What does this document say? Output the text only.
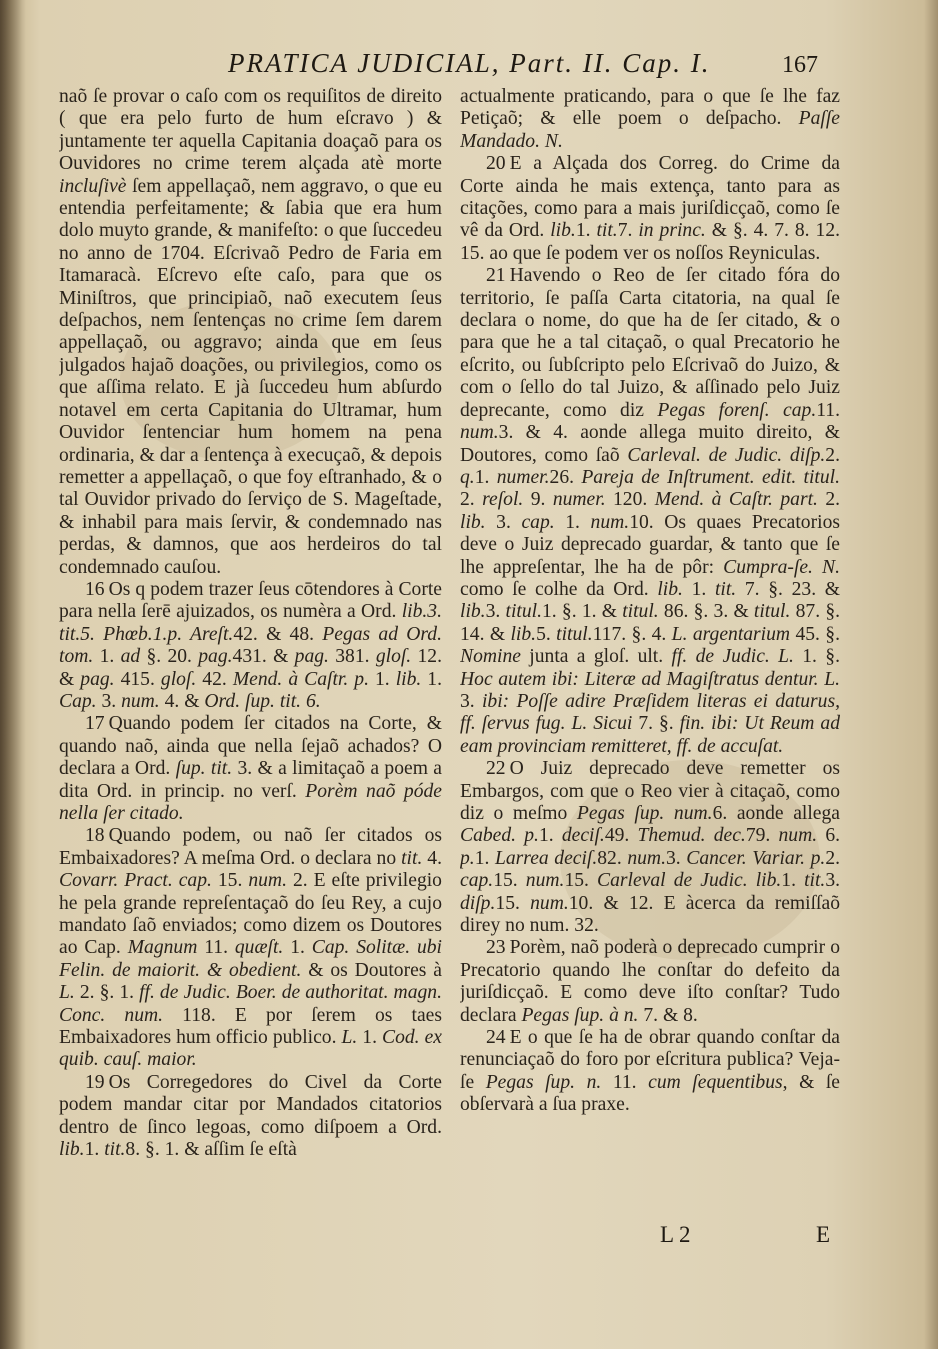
PRATICA JUDICIAL, Part. II. Cap. I.	167

naõ ſe provar o caſo com os requiſitos de direito ( que era pelo furto de hum eſcravo ) & juntamente ter aquella Capitania doaçaõ para os Ouvidores no crime terem alçada atè morte incluſivè ſem appellaçaõ, nem aggravo, o que eu entendia perfeitamente; & ſabia que era hum dolo muyto grande, & manifeſto: o que ſuccedeu no anno de 1704. Eſcrivaõ Pedro de Faria em Itamaracà. Eſcrevo eſte caſo, para que os Miniſtros, que principiaõ, naõ executem ſeus deſpachos, nem ſentenças no crime ſem darem appellaçaõ, ou aggravo; ainda que em ſeus julgados hajaõ doações, ou privilegios, como os que aſſima relato. E jà ſuccedeu hum abſurdo notavel em certa Capitania do Ultramar, hum Ouvidor ſentenciar hum homem na pena ordinaria, & dar a ſentença à execuçaõ, & depois remetter a appellaçaõ, o que foy eſtranhado, & o tal Ouvidor privado do ſerviço de S. Mageſtade, & inhabil para mais ſervir, & condemnado nas perdas, & damnos, que aos herdeiros do tal condemnado cauſou.

16 Os q podem trazer ſeus cōtendores à Corte para nella ſerē ajuizados, os numèra a Ord. lib.3. tit.5. Phœb.1.p. Areſt.42. & 48. Pegas ad Ord. tom. 1. ad §. 20. pag.431. & pag. 381. gloſ. 12. & pag. 415. gloſ. 42. Mend. à Caſtr. p. 1. lib. 1. Cap. 3. num. 4. & Ord. ſup. tit. 6.

17 Quando podem ſer citados na Corte, & quando naõ, ainda que nella ſejaõ achados? O declara a Ord. ſup. tit. 3. & a limitaçaõ a poem a dita Ord. in princip. no verſ. Porèm naõ póde nella ſer citado.

18 Quando podem, ou naõ ſer citados os Embaixadores? A meſma Ord. o declara no tit. 4. Covarr. Pract. cap. 15. num. 2. E eſte privilegio he pela grande repreſentaçaõ do ſeu Rey, a cujo mandato ſaõ enviados; como dizem os Doutores ao Cap. Magnum 11. quæſt. 1. Cap. Solitæ. ubi Felin. de maiorit. & obedient. & os Doutores à L. 2. §. 1. ff. de Judic. Boer. de authoritat. magn. Conc. num. 118. E por ſerem os taes Embaixadores hum officio publico. L. 1. Cod. ex quib. cauſ. maior.

19 Os Corregedores do Civel da Corte podem mandar citar por Mandados citatorios dentro de ſinco legoas, como diſpoem a Ord. lib.1. tit.8. §. 1. & aſſim ſe eſtà

actualmente praticando, para o que ſe lhe faz Petiçaõ; & elle poem o deſpacho. Paſſe Mandado. N.

20 E a Alçada dos Correg. do Crime da Corte ainda he mais extença, tanto para as citações, como para a mais juriſdicçaõ, como ſe vê da Ord. lib.1. tit.7. in princ. & §. 4. 7. 8. 12. 15. ao que ſe podem ver os noſſos Reyniculas.

21 Havendo o Reo de ſer citado fóra do territorio, ſe paſſa Carta citatoria, na qual ſe declara o nome, do que ha de ſer citado, & o para que he a tal citaçaõ, o qual Precatorio he eſcrito, ou ſubſcripto pelo Eſcrivaõ do Juizo, & com o ſello do tal Juizo, & aſſinado pelo Juiz deprecante, como diz Pegas forenſ. cap.11. num.3. & 4. aonde allega muito direito, & Doutores, como ſaõ Carleval. de Judic. diſp.2. q.1. numer.26. Pareja de Inſtrument. edit. titul. 2. reſol. 9. numer. 120. Mend. à Caſtr. part. 2. lib. 3. cap. 1. num.10. Os quaes Precatorios deve o Juiz deprecado guardar, & tanto que ſe lhe appreſentar, lhe ha de pôr: Cumpra-ſe. N. como ſe colhe da Ord. lib. 1. tit. 7. §. 23. & lib.3. titul.1. §. 1. & titul. 86. §. 3. & titul. 87. §. 14. & lib.5. titul.117. §. 4. L. argentarium 45. §. Nomine junta a gloſ. ult. ff. de Judic. L. 1. §. Hoc autem ibi: Literæ ad Magiſtratus dentur. L. 3. ibi: Poſſe adire Præſidem literas ei daturus, ff. ſervus fug. L. Sicui 7. §. fin. ibi: Ut Reum ad eam provinciam remitteret, ff. de accuſat.

22 O Juiz deprecado deve remetter os Embargos, com que o Reo vier à citaçaõ, como diz o meſmo Pegas ſup. num.6. aonde allega Cabed. p.1. deciſ.49. Themud. dec.79. num. 6. p.1. Larrea deciſ.82. num.3. Cancer. Variar. p.2. cap.15. num.15. Carleval de Judic. lib.1. tit.3. diſp.15. num.10. & 12. E àcerca da remiſſaõ direy no num. 32.

23 Porèm, naõ poderà o deprecado cumprir o Precatorio quando lhe conſtar do defeito da juriſdicçaõ. E como deve iſto conſtar? Tudo declara Pegas ſup. à n. 7. & 8.

24 E o que ſe ha de obrar quando conſtar da renunciaçaõ do foro por eſcritura publica? Veja-ſe Pegas ſup. n. 11. cum ſequentibus, & ſe obſervarà a ſua praxe.

L 2	E
